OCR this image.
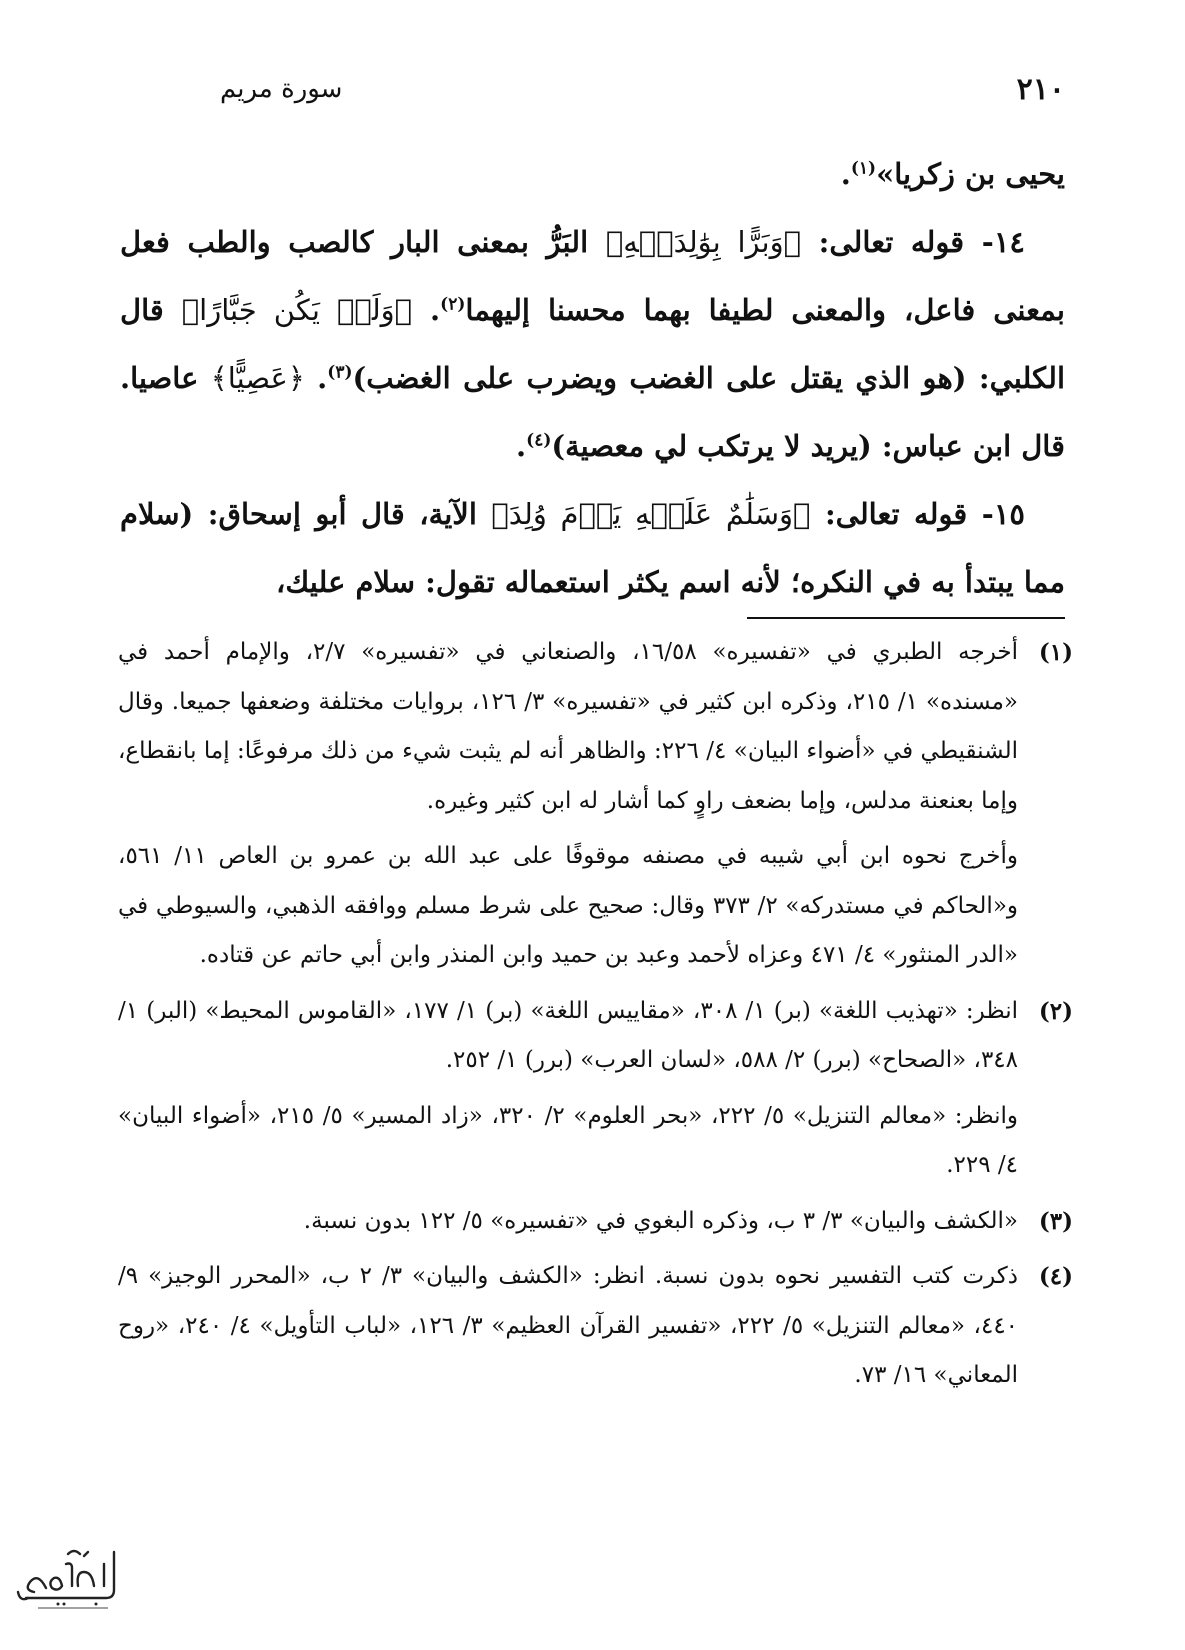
٢١٠
سورة مريم

يحيى بن زكريا»$^{(١)}$.

١٤- قوله تعالى: ﴿وَبَرًّا بِوَٰلِدَيۡهِ﴾ البَرُّ بمعنى البار كالصب والطب فعل بمعنى فاعل، والمعنى لطيفا بهما محسنا إليهما$^{(٢)}$. ﴿وَلَمۡ يَكُن جَبَّارًا﴾ قال الكلبي: (هو الذي يقتل على الغضب ويضرب على الغضب)$^{(٣)}$. ﴿عَصِيًّا﴾ عاصيا. قال ابن عباس: (يريد لا يرتكب لي معصية)$^{(٤)}$.

١٥- قوله تعالى: ﴿وَسَلَٰمٌ عَلَيۡهِ يَوۡمَ وُلِدَ﴾ الآية، قال أبو إسحاق: (سلام مما يبتدأ به في النكره؛ لأنه اسم يكثر استعماله تقول: سلام عليك،

(١)

أخرجه الطبري في «تفسيره» ١٦/٥٨، والصنعاني في «تفسيره» ٢/٧، والإمام أحمد في «مسنده» ١/ ٢١٥، وذكره ابن كثير في «تفسيره» ٣/ ١٢٦، بروايات مختلفة وضعفها جميعا. وقال الشنقيطي في «أضواء البيان» ٤/ ٢٢٦: والظاهر أنه لم يثبت شيء من ذلك مرفوعًا: إما بانقطاع، وإما بعنعنة مدلس، وإما بضعف راوٍ كما أشار له ابن كثير وغيره.

وأخرج نحوه ابن أبي شيبه في مصنفه موقوفًا على عبد الله بن عمرو بن العاص ١١/ ٥٦١، و«الحاكم في مستدركه» ٢/ ٣٧٣ وقال: صحيح على شرط مسلم ووافقه الذهبي، والسيوطي في «الدر المنثور» ٤/ ٤٧١ وعزاه لأحمد وعبد بن حميد وابن المنذر وابن أبي حاتم عن قتاده.

(٢)

انظر: «تهذيب اللغة» (بر) ١/ ٣٠٨، «مقاييس اللغة» (بر) ١/ ١٧٧، «القاموس المحيط» (البر) ١/ ٣٤٨، «الصحاح» (برر) ٢/ ٥٨٨، «لسان العرب» (برر) ١/ ٢٥٢.

وانظر: «معالم التنزيل» ٥/ ٢٢٢، «بحر العلوم» ٢/ ٣٢٠، «زاد المسير» ٥/ ٢١٥، «أضواء البيان» ٤/ ٢٢٩.

(٣)

«الكشف والبيان» ٣/ ٣ ب، وذكره البغوي في «تفسيره» ٥/ ١٢٢ بدون نسبة.

(٤)

ذكرت كتب التفسير نحوه بدون نسبة. انظر: «الكشف والبيان» ٣/ ٢ ب، «المحرر الوجيز» ٩/ ٤٤٠، «معالم التنزيل» ٥/ ٢٢٢، «تفسير القرآن العظيم» ٣/ ١٢٦، «لباب التأويل» ٤/ ٢٤٠، «روح المعاني» ١٦/ ٧٣.
